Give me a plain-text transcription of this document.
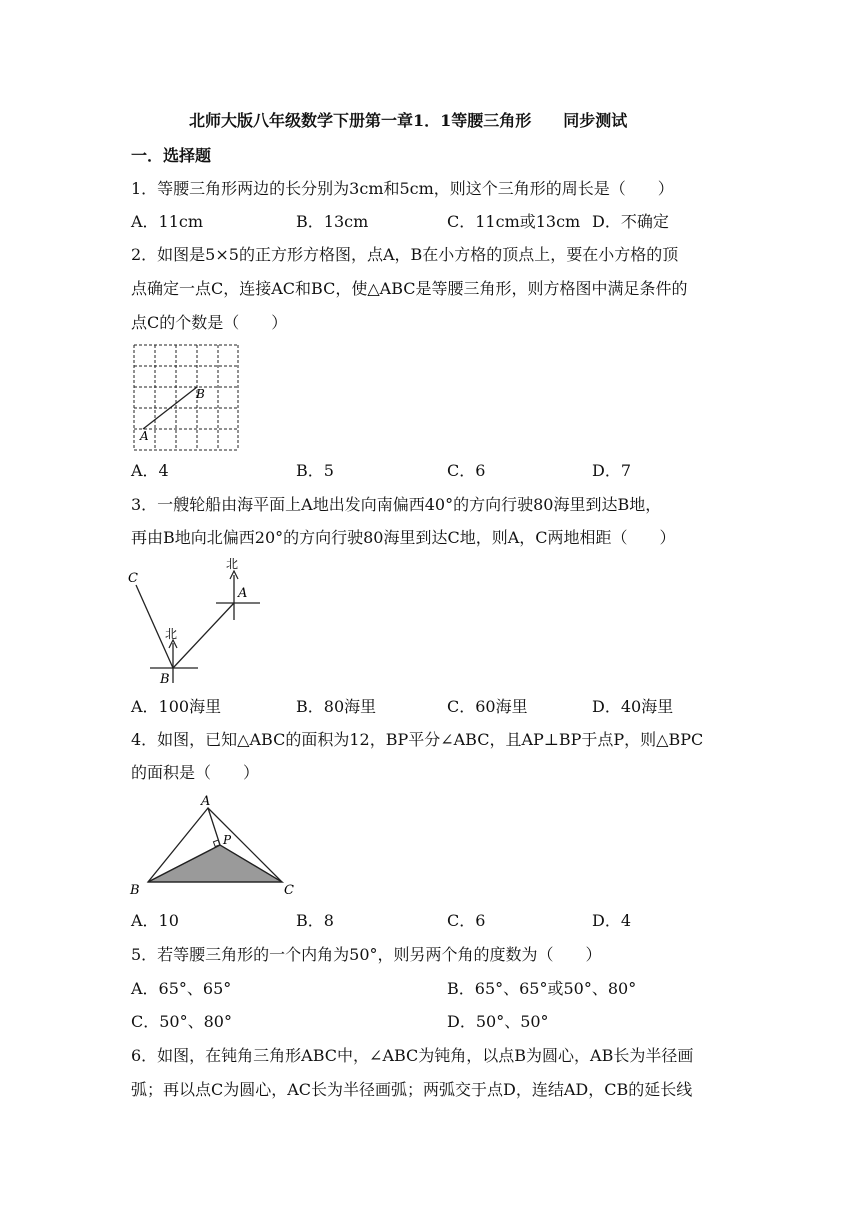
北师大版八年级数学下册第一章1．1等腰三角形　　同步测试
一．选择题
1．等腰三角形两边的长分别为3cm和5cm，则这个三角形的周长是（　　）
A．11cm	B．13cm	C．11cm或13cm D．不确定
2．如图是5×5的正方形方格图，点A，B在小方格的顶点上，要在小方格的顶
点确定一点C，连接AC和BC，使△ABC是等腰三角形，则方格图中满足条件的
点C的个数是（　　）
A
B
A．4	B．5	C．6	D．7
3．一艘轮船由海平面上A地出发向南偏西40°的方向行驶80海里到达B地，
再由B地向北偏西20°的方向行驶80海里到达C地，则A，C两地相距（　　）
C
北
北
A
B
A．100海里	B．80海里	C．60海里	D．40海里
4．如图，已知△ABC的面积为12，BP平分∠ABC，且AP⊥BP于点P，则△BPC
的面积是（　　）
A
P
B	C
A．10	B．8	C．6	D．4
5．若等腰三角形的一个内角为50°，则另两个角的度数为（　　）
A．65°、65°	B．65°、65°或50°、80°
C．50°、80°	D．50°、50°
6．如图，在钝角三角形ABC中，∠ABC为钝角，以点B为圆心，AB长为半径画
弧；再以点C为圆心，AC长为半径画弧；两弧交于点D，连结AD，CB的延长线
